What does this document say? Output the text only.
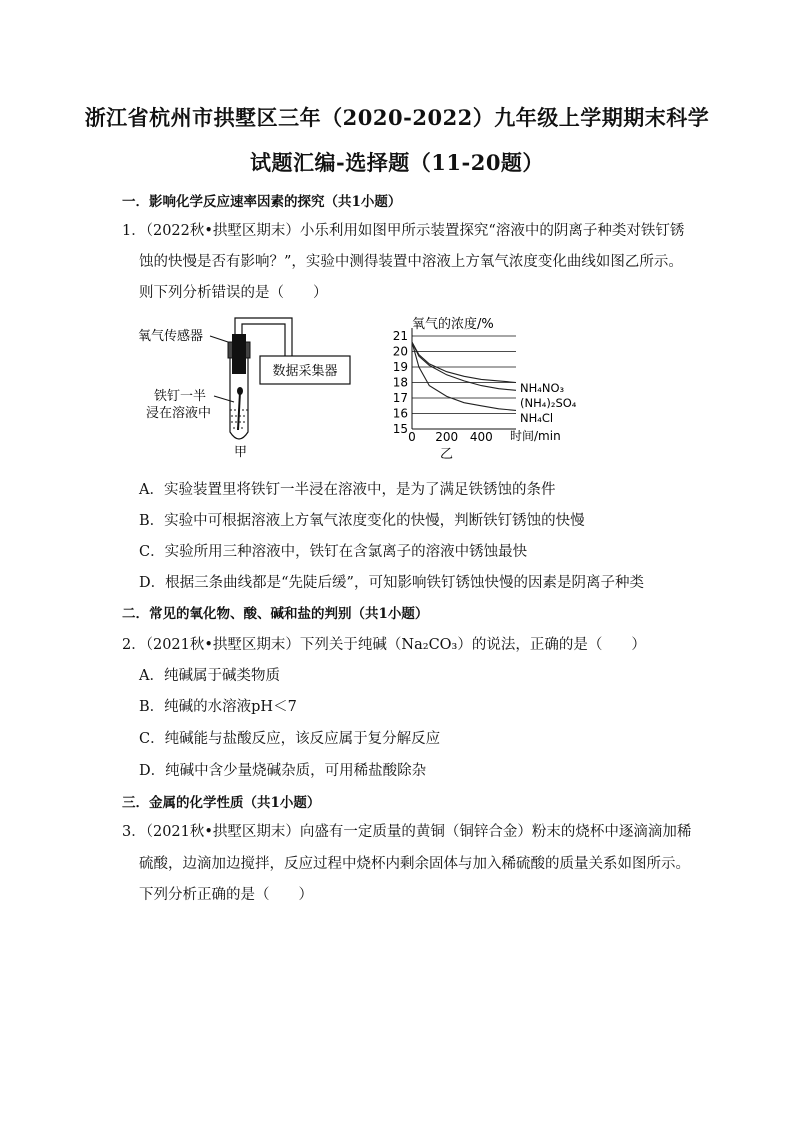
浙江省杭州市拱墅区三年（2020-2022）九年级上学期期末科学
试题汇编-选择题（11-20题）
一．影响化学反应速率因素的探究（共1小题）
1．（2022秋•拱墅区期末）小乐利用如图甲所示装置探究“溶液中的阴离子种类对铁钉锈
蚀的快慢是否有影响？”，实验中测得装置中溶液上方氧气浓度变化曲线如图乙所示。
则下列分析错误的是（　　）
氧气传感器
数据采集器
铁钉一半
浸在溶液中
甲
氧气的浓度/%
时间/min
乙
15
16
17
18
19
20
21
0 200 400
NH₄NO₃
(NH₄)₂SO₄
NH₄Cl
A．实验装置里将铁钉一半浸在溶液中，是为了满足铁锈蚀的条件
B．实验中可根据溶液上方氧气浓度变化的快慢，判断铁钉锈蚀的快慢
C．实验所用三种溶液中，铁钉在含氯离子的溶液中锈蚀最快
D．根据三条曲线都是“先陡后缓”，可知影响铁钉锈蚀快慢的因素是阴离子种类
二．常见的氧化物、酸、碱和盐的判别（共1小题）
2．（2021秋•拱墅区期末）下列关于纯碱（Na₂CO₃）的说法，正确的是（　　）
A．纯碱属于碱类物质
B．纯碱的水溶液pH＜7
C．纯碱能与盐酸反应，该反应属于复分解反应
D．纯碱中含少量烧碱杂质，可用稀盐酸除杂
三．金属的化学性质（共1小题）
3．（2021秋•拱墅区期末）向盛有一定质量的黄铜（铜锌合金）粉末的烧杯中逐滴滴加稀
硫酸，边滴加边搅拌，反应过程中烧杯内剩余固体与加入稀硫酸的质量关系如图所示。
下列分析正确的是（　　）
